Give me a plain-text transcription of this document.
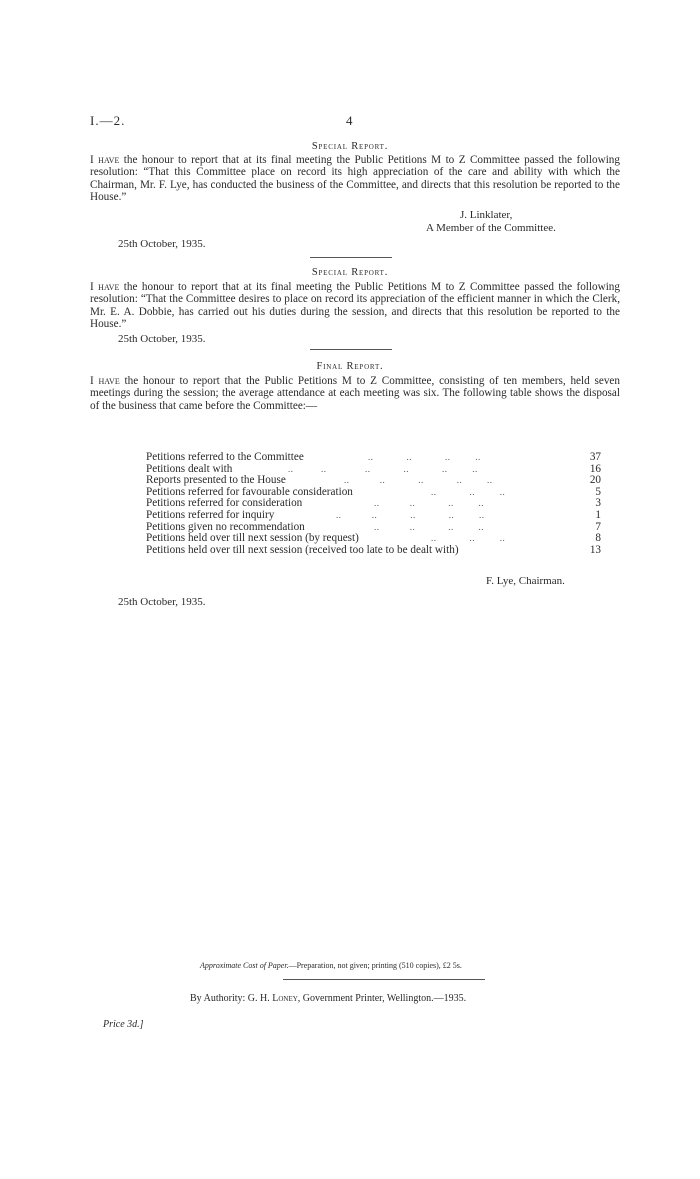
I.—2.	4
Special Report.
I have the honour to report that at its final meeting the Public Petitions M to Z Committee passed the following resolution: “That this Committee place on record its high appreciation of the care and ability with which the Chairman, Mr. F. Lye, has conducted the business of the Committee, and directs that this resolution be reported to the House.”
J. Linklater,
A Member of the Committee.
25th October, 1935.
Special Report.
I have the honour to report that at its final meeting the Public Petitions M to Z Committee passed the following resolution: “That the Committee desires to place on record its appreciation of the efficient manner in which the Clerk, Mr. E. A. Dobbie, has carried out his duties during the session, and directs that this resolution be reported to the House.”
25th October, 1935.
Final Report.
I have the honour to report that the Public Petitions M to Z Committee, consisting of ten members, held seven meetings during the session; the average attendance at each meeting was six. The following table shows the disposal of the business that came before the Committee:—
Petitions referred to the Committee	..            ..            ..         ..	37
Petitions dealt with	..          ..              ..            ..            ..         ..	16
Reports presented to the House	..           ..            ..            ..         ..	20
Petitions referred for favourable consideration	..            ..         ..	5
Petitions referred for consideration	..           ..            ..         ..	3
Petitions referred for inquiry	..           ..            ..            ..         ..	1
Petitions given no recommendation	..           ..            ..         ..	7
Petitions held over till next session (by request)	..            ..         ..	8
Petitions held over till next session (received too late to be dealt with)	13
F. Lye, Chairman.
25th October, 1935.
Approximate Cost of Paper.—Preparation, not given; printing (510 copies), £2 5s.
By Authority: G. H. Loney, Government Printer, Wellington.—1935.
Price 3d.]
